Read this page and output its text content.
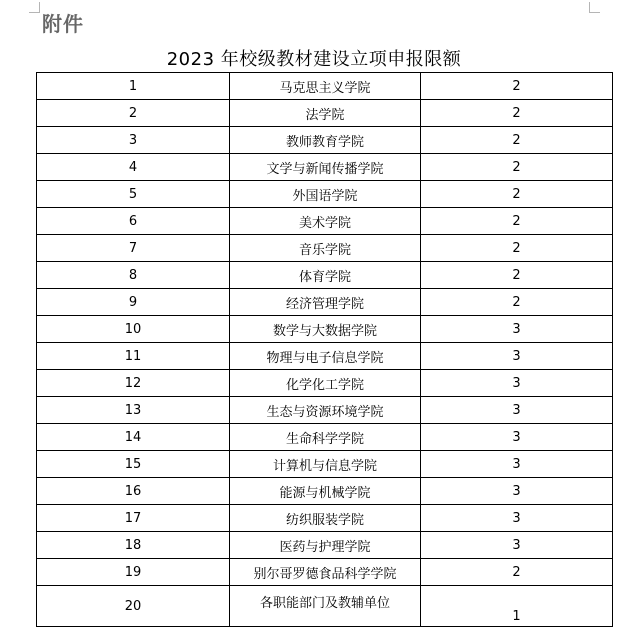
附件
2023 年校级教材建设立项申报限额
1	马克思主义学院	2
2	法学院	2
3	教师教育学院	2
4	文学与新闻传播学院	2
5	外国语学院	2
6	美术学院	2
7	音乐学院	2
8	体育学院	2
9	经济管理学院	2
10	数学与大数据学院	3
11	物理与电子信息学院	3
12	化学化工学院	3
13	生态与资源环境学院	3
14	生命科学学院	3
15	计算机与信息学院	3
16	能源与机械学院	3
17	纺织服装学院	3
18	医药与护理学院	3
19	别尔哥罗德食品科学学院	2
20	各职能部门及教辅单位	1
